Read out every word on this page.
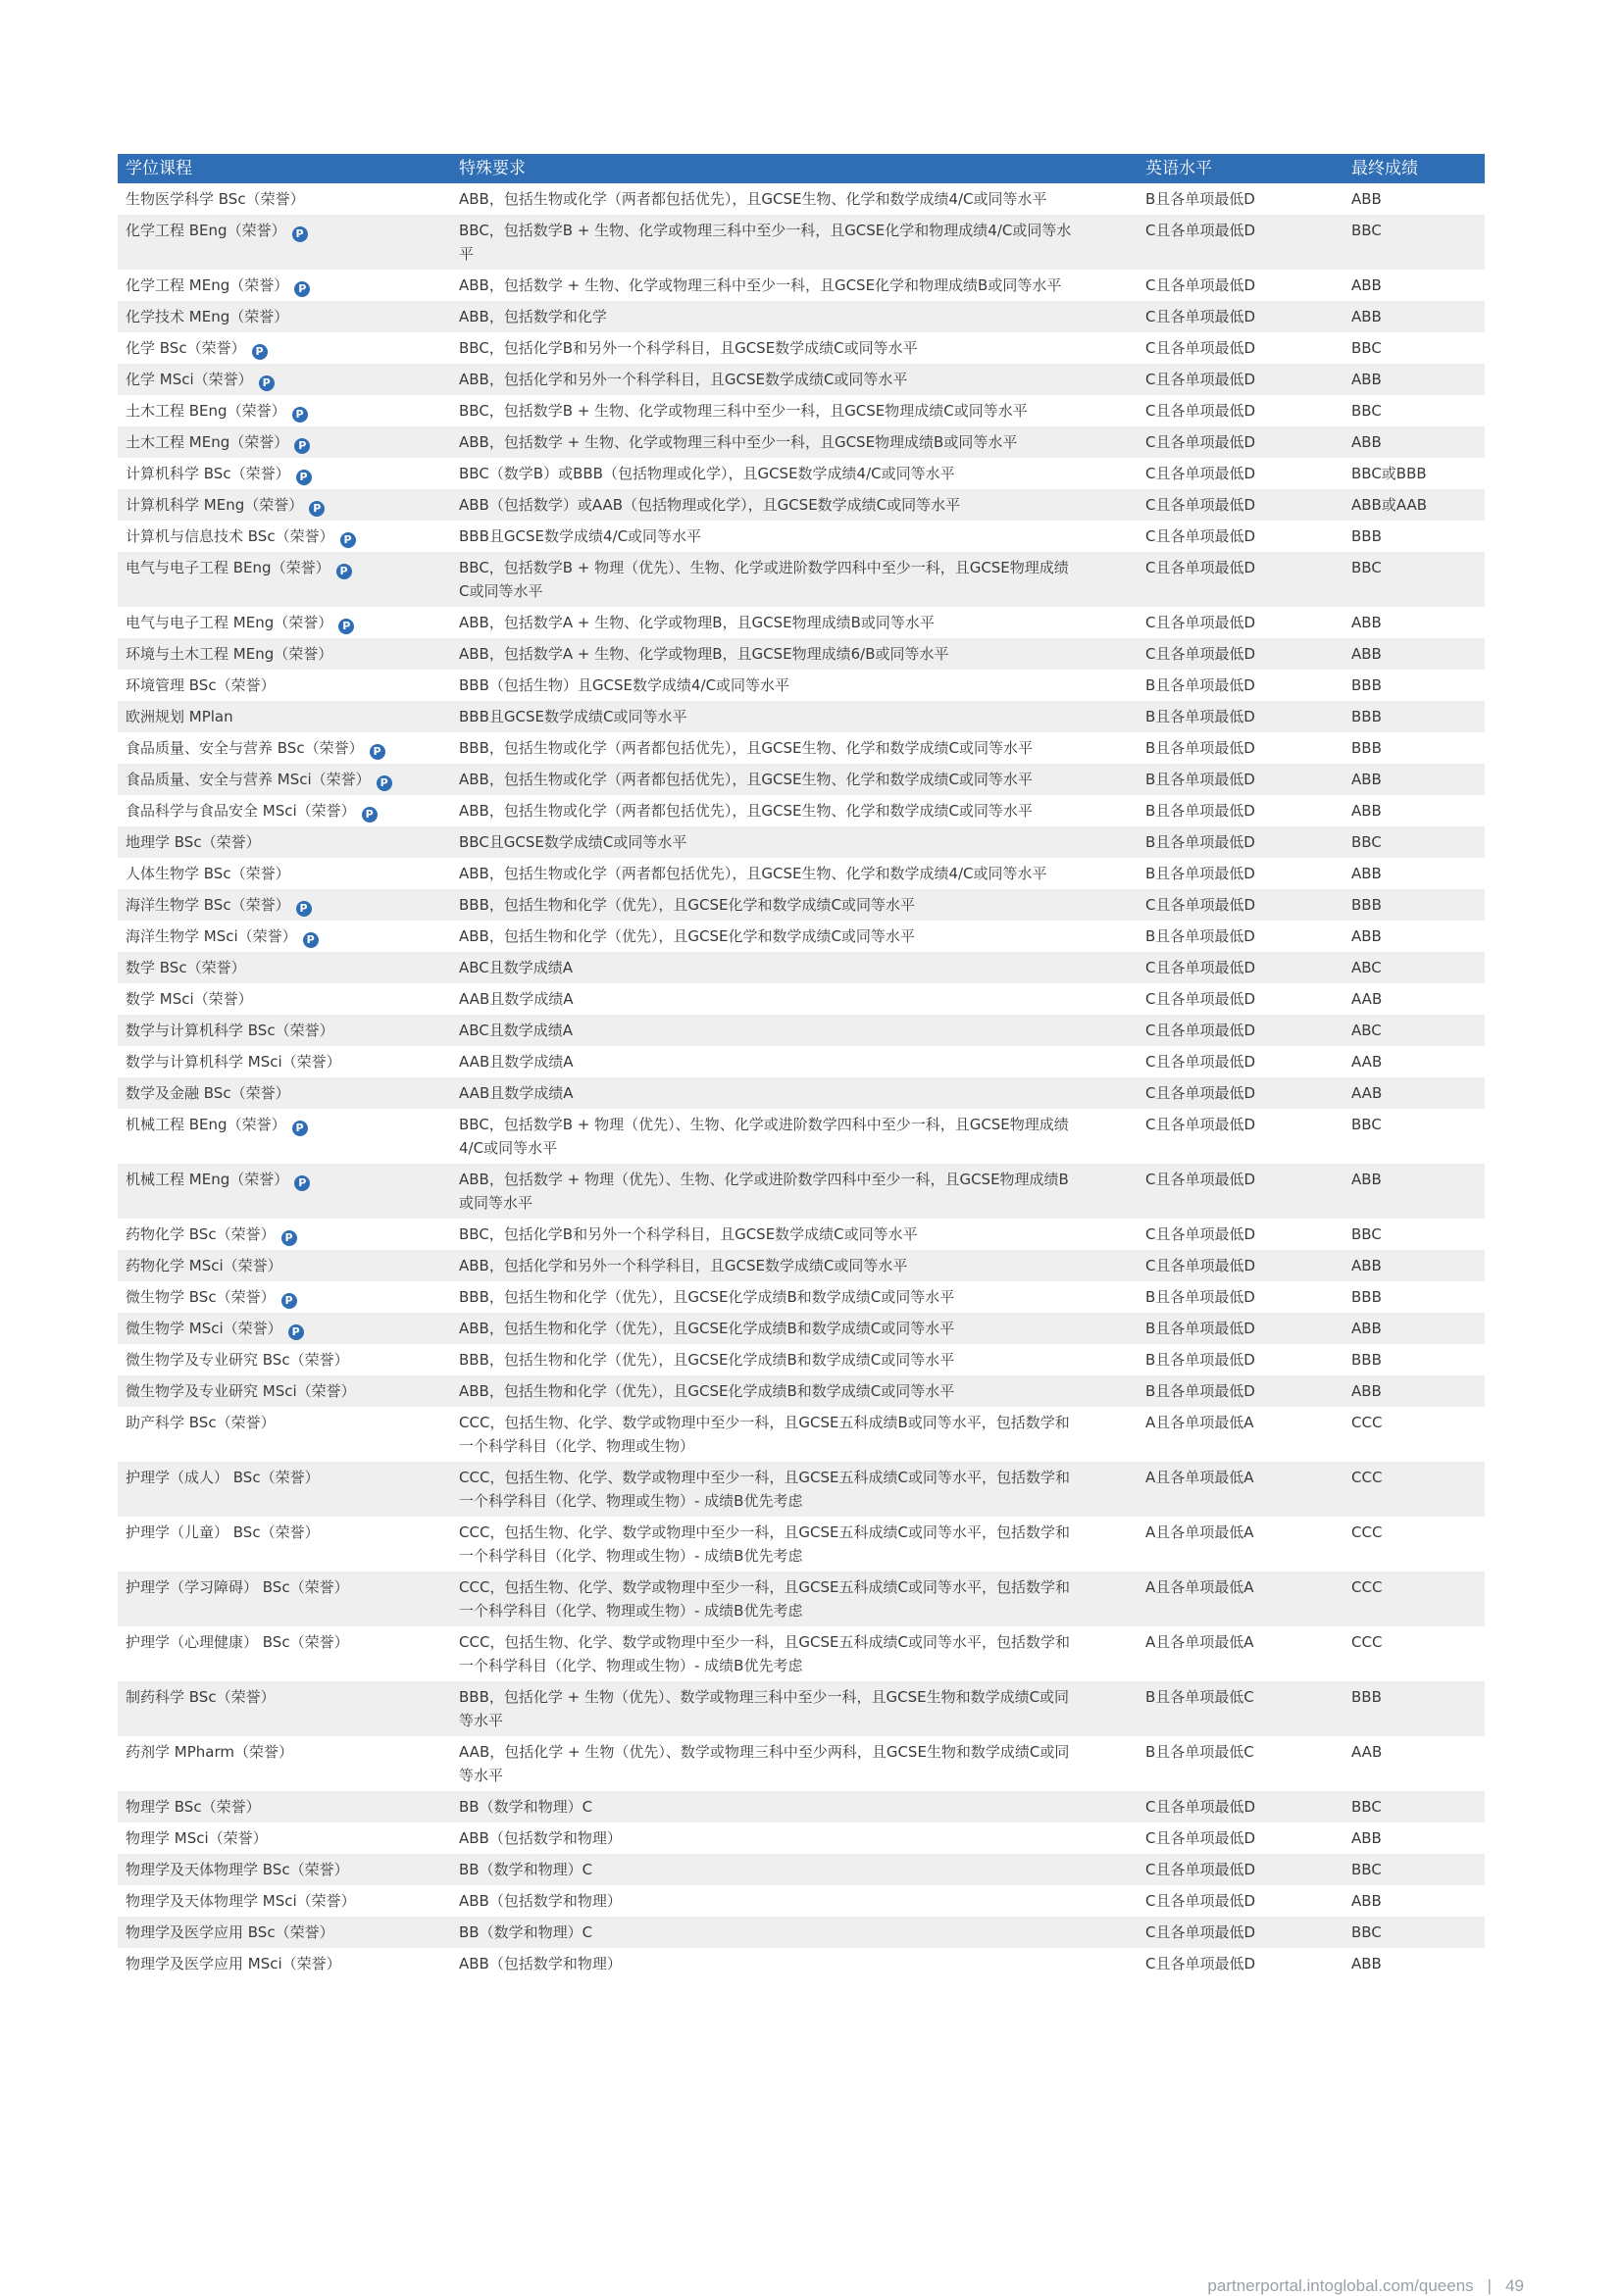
学位课程	特殊要求	英语水平	最终成绩
生物医学科学 BSc（荣誉）	ABB，包括生物或化学（两者都包括优先），且GCSE生物、化学和数学成绩4/C或同等水平	B且各单项最低D	ABB
化学工程 BEng（荣誉） P	BBC，包括数学B + 生物、化学或物理三科中至少一科，且GCSE化学和物理成绩4/C或同等水平	C且各单项最低D	BBC
化学工程 MEng（荣誉） P	ABB，包括数学 + 生物、化学或物理三科中至少一科，且GCSE化学和物理成绩B或同等水平	C且各单项最低D	ABB
化学技术 MEng（荣誉）	ABB，包括数学和化学	C且各单项最低D	ABB
化学 BSc（荣誉） P	BBC，包括化学B和另外一个科学科目，且GCSE数学成绩C或同等水平	C且各单项最低D	BBC
化学 MSci（荣誉） P	ABB，包括化学和另外一个科学科目，且GCSE数学成绩C或同等水平	C且各单项最低D	ABB
土木工程 BEng（荣誉） P	BBC，包括数学B + 生物、化学或物理三科中至少一科，且GCSE物理成绩C或同等水平	C且各单项最低D	BBC
土木工程 MEng（荣誉） P	ABB，包括数学 + 生物、化学或物理三科中至少一科，且GCSE物理成绩B或同等水平	C且各单项最低D	ABB
计算机科学 BSc（荣誉） P	BBC（数学B）或BBB（包括物理或化学），且GCSE数学成绩4/C或同等水平	C且各单项最低D	BBC或BBB
计算机科学 MEng（荣誉） P	ABB（包括数学）或AAB（包括物理或化学），且GCSE数学成绩C或同等水平	C且各单项最低D	ABB或AAB
计算机与信息技术 BSc（荣誉） P	BBB且GCSE数学成绩4/C或同等水平	C且各单项最低D	BBB
电气与电子工程 BEng（荣誉） P	BBC，包括数学B + 物理（优先）、生物、化学或进阶数学四科中至少一科，且GCSE物理成绩C或同等水平	C且各单项最低D	BBC
电气与电子工程 MEng（荣誉） P	ABB，包括数学A + 生物、化学或物理B，且GCSE物理成绩B或同等水平	C且各单项最低D	ABB
环境与土木工程 MEng（荣誉）	ABB，包括数学A + 生物、化学或物理B，且GCSE物理成绩6/B或同等水平	C且各单项最低D	ABB
环境管理 BSc（荣誉）	BBB（包括生物）且GCSE数学成绩4/C或同等水平	B且各单项最低D	BBB
欧洲规划 MPlan	BBB且GCSE数学成绩C或同等水平	B且各单项最低D	BBB
食品质量、安全与营养 BSc（荣誉） P	BBB，包括生物或化学（两者都包括优先），且GCSE生物、化学和数学成绩C或同等水平	B且各单项最低D	BBB
食品质量、安全与营养 MSci（荣誉） P	ABB，包括生物或化学（两者都包括优先），且GCSE生物、化学和数学成绩C或同等水平	B且各单项最低D	ABB
食品科学与食品安全 MSci（荣誉） P	ABB，包括生物或化学（两者都包括优先），且GCSE生物、化学和数学成绩C或同等水平	B且各单项最低D	ABB
地理学 BSc（荣誉）	BBC且GCSE数学成绩C或同等水平	B且各单项最低D	BBC
人体生物学 BSc（荣誉）	ABB，包括生物或化学（两者都包括优先），且GCSE生物、化学和数学成绩4/C或同等水平	B且各单项最低D	ABB
海洋生物学 BSc（荣誉） P	BBB，包括生物和化学（优先），且GCSE化学和数学成绩C或同等水平	C且各单项最低D	BBB
海洋生物学 MSci（荣誉） P	ABB，包括生物和化学（优先），且GCSE化学和数学成绩C或同等水平	B且各单项最低D	ABB
数学 BSc（荣誉）	ABC且数学成绩A	C且各单项最低D	ABC
数学 MSci（荣誉）	AAB且数学成绩A	C且各单项最低D	AAB
数学与计算机科学 BSc（荣誉）	ABC且数学成绩A	C且各单项最低D	ABC
数学与计算机科学 MSci（荣誉）	AAB且数学成绩A	C且各单项最低D	AAB
数学及金融 BSc（荣誉）	AAB且数学成绩A	C且各单项最低D	AAB
机械工程 BEng（荣誉） P	BBC，包括数学B + 物理（优先）、生物、化学或进阶数学四科中至少一科，且GCSE物理成绩4/C或同等水平	C且各单项最低D	BBC
机械工程 MEng（荣誉） P	ABB，包括数学 + 物理（优先）、生物、化学或进阶数学四科中至少一科，且GCSE物理成绩B或同等水平	C且各单项最低D	ABB
药物化学 BSc（荣誉） P	BBC，包括化学B和另外一个科学科目，且GCSE数学成绩C或同等水平	C且各单项最低D	BBC
药物化学 MSci（荣誉）	ABB，包括化学和另外一个科学科目，且GCSE数学成绩C或同等水平	C且各单项最低D	ABB
微生物学 BSc（荣誉） P	BBB，包括生物和化学（优先），且GCSE化学成绩B和数学成绩C或同等水平	B且各单项最低D	BBB
微生物学 MSci（荣誉） P	ABB，包括生物和化学（优先），且GCSE化学成绩B和数学成绩C或同等水平	B且各单项最低D	ABB
微生物学及专业研究 BSc（荣誉）	BBB，包括生物和化学（优先），且GCSE化学成绩B和数学成绩C或同等水平	B且各单项最低D	BBB
微生物学及专业研究 MSci（荣誉）	ABB，包括生物和化学（优先），且GCSE化学成绩B和数学成绩C或同等水平	B且各单项最低D	ABB
助产科学 BSc（荣誉）	CCC，包括生物、化学、数学或物理中至少一科，且GCSE五科成绩B或同等水平，包括数学和一个科学科目（化学、物理或生物）	A且各单项最低A	CCC
护理学（成人） BSc（荣誉）	CCC，包括生物、化学、数学或物理中至少一科，且GCSE五科成绩C或同等水平，包括数学和一个科学科目（化学、物理或生物）- 成绩B优先考虑	A且各单项最低A	CCC
护理学（儿童） BSc（荣誉）	CCC，包括生物、化学、数学或物理中至少一科，且GCSE五科成绩C或同等水平，包括数学和一个科学科目（化学、物理或生物）- 成绩B优先考虑	A且各单项最低A	CCC
护理学（学习障碍） BSc（荣誉）	CCC，包括生物、化学、数学或物理中至少一科，且GCSE五科成绩C或同等水平，包括数学和一个科学科目（化学、物理或生物）- 成绩B优先考虑	A且各单项最低A	CCC
护理学（心理健康） BSc（荣誉）	CCC，包括生物、化学、数学或物理中至少一科，且GCSE五科成绩C或同等水平，包括数学和一个科学科目（化学、物理或生物）- 成绩B优先考虑	A且各单项最低A	CCC
制药科学 BSc（荣誉）	BBB，包括化学 + 生物（优先）、数学或物理三科中至少一科，且GCSE生物和数学成绩C或同等水平	B且各单项最低C	BBB
药剂学 MPharm（荣誉）	AAB，包括化学 + 生物（优先）、数学或物理三科中至少两科，且GCSE生物和数学成绩C或同等水平	B且各单项最低C	AAB
物理学 BSc（荣誉）	BB（数学和物理）C	C且各单项最低D	BBC
物理学 MSci（荣誉）	ABB（包括数学和物理）	C且各单项最低D	ABB
物理学及天体物理学 BSc（荣誉）	BB（数学和物理）C	C且各单项最低D	BBC
物理学及天体物理学 MSci（荣誉）	ABB（包括数学和物理）	C且各单项最低D	ABB
物理学及医学应用 BSc（荣誉）	BB（数学和物理）C	C且各单项最低D	BBC
物理学及医学应用 MSci（荣誉）	ABB（包括数学和物理）	C且各单项最低D	ABB
partnerportal.intoglobal.com/queens | 49
